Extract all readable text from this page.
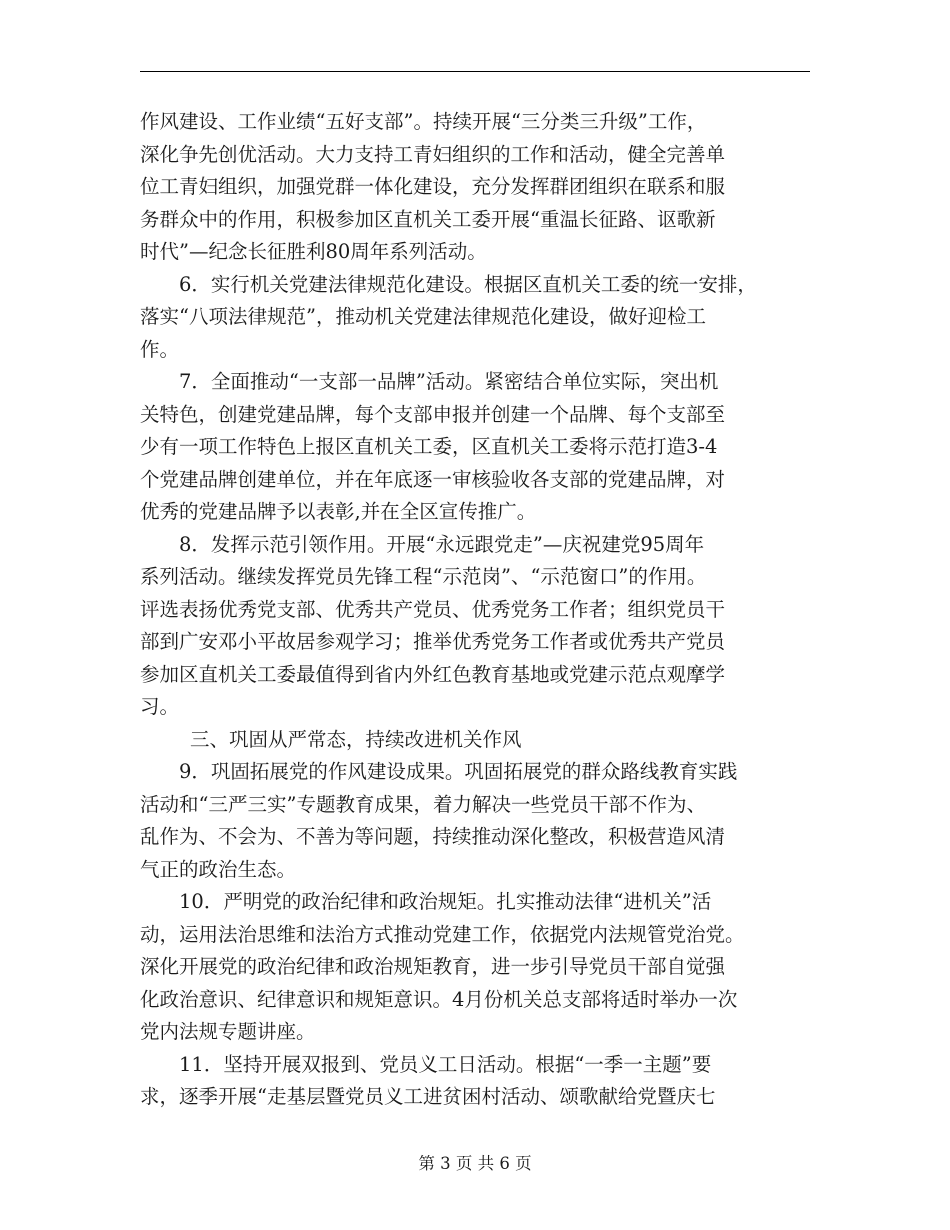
作风建设、工作业绩“五好支部”。持续开展“三分类三升级”工作，
深化争先创优活动。大力支持工青妇组织的工作和活动，健全完善单
位工青妇组织，加强党群一体化建设，充分发挥群团组织在联系和服
务群众中的作用，积极参加区直机关工委开展“重温长征路、讴歌新
时代”—纪念长征胜利80周年系列活动。
6．实行机关党建法律规范化建设。根据区直机关工委的统一安排，
落实“八项法律规范”，推动机关党建法律规范化建设，做好迎检工
作。
7．全面推动“一支部一品牌”活动。紧密结合单位实际，突出机
关特色，创建党建品牌，每个支部申报并创建一个品牌、每个支部至
少有一项工作特色上报区直机关工委，区直机关工委将示范打造3-4
个党建品牌创建单位，并在年底逐一审核验收各支部的党建品牌，对
优秀的党建品牌予以表彰,并在全区宣传推广。
8．发挥示范引领作用。开展“永远跟党走”—庆祝建党95周年
系列活动。继续发挥党员先锋工程“示范岗”、“示范窗口”的作用。
评选表扬优秀党支部、优秀共产党员、优秀党务工作者；组织党员干
部到广安邓小平故居参观学习；推举优秀党务工作者或优秀共产党员
参加区直机关工委最值得到省内外红色教育基地或党建示范点观摩学
习。
三、巩固从严常态，持续改进机关作风
9．巩固拓展党的作风建设成果。巩固拓展党的群众路线教育实践
活动和“三严三实”专题教育成果，着力解决一些党员干部不作为、
乱作为、不会为、不善为等问题，持续推动深化整改，积极营造风清
气正的政治生态。
10．严明党的政治纪律和政治规矩。扎实推动法律“进机关”活
动，运用法治思维和法治方式推动党建工作，依据党内法规管党治党。
深化开展党的政治纪律和政治规矩教育，进一步引导党员干部自觉强
化政治意识、纪律意识和规矩意识。4月份机关总支部将适时举办一次
党内法规专题讲座。
11．坚持开展双报到、党员义工日活动。根据“一季一主题”要
求，逐季开展“走基层暨党员义工进贫困村活动、颂歌献给党暨庆七
第 3 页 共 6 页
